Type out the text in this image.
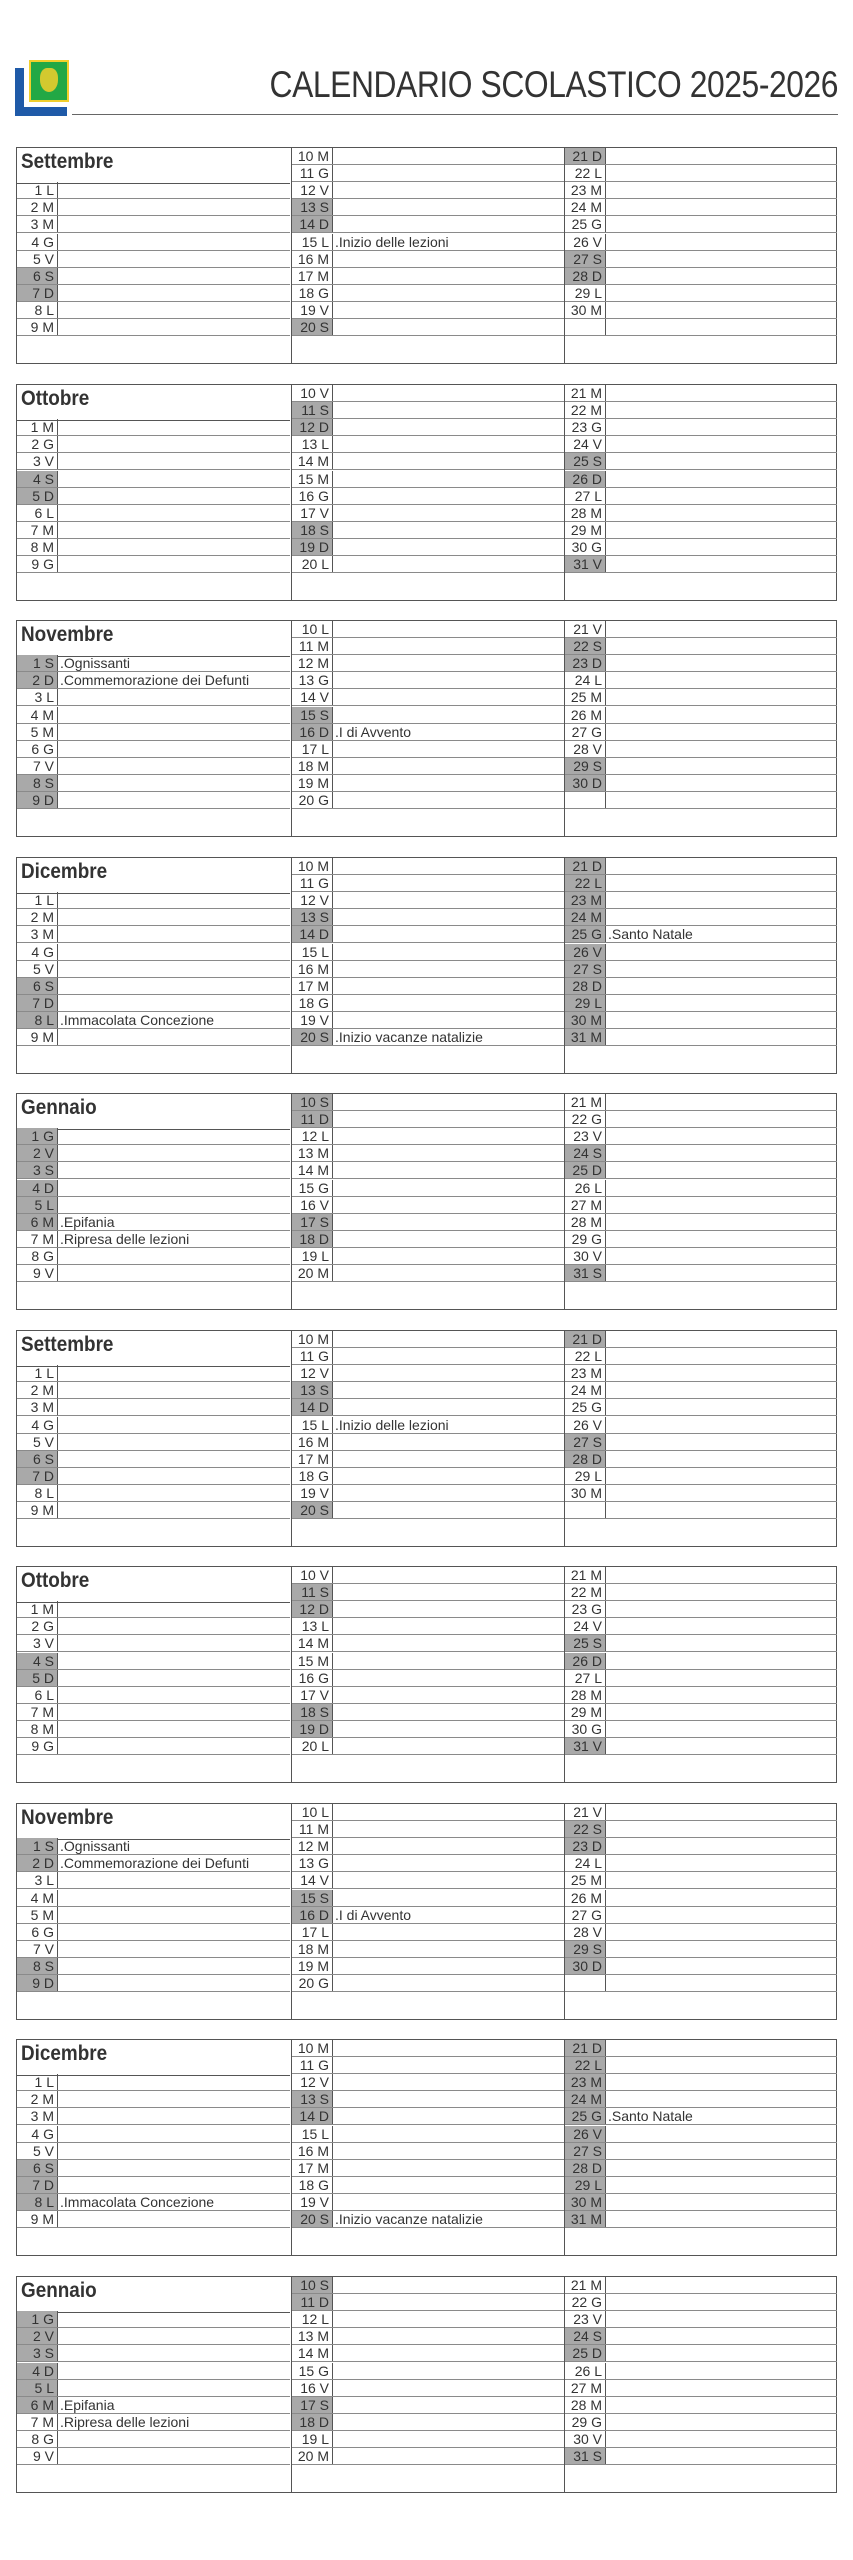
CALENDARIO SCOLASTICO 2025-2026
Settembre
1 L
2 M
3 M
4 G
5 V
6 S
7 D
8 L
9 M
10 M
11 G
12 V
13 S
14 D
15 L .Inizio delle lezioni
16 M
17 M
18 G
19 V
20 S
21 D
22 L
23 M
24 M
25 G
26 V
27 S
28 D
29 L
30 M
Ottobre
1 M
2 G
3 V
4 S
5 D
6 L
7 M
8 M
9 G
10 V
11 S
12 D
13 L
14 M
15 M
16 G
17 V
18 S
19 D
20 L
21 M
22 M
23 G
24 V
25 S
26 D
27 L
28 M
29 M
30 G
31 V
Novembre
1 S .Ognissanti
2 D .Commemorazione dei Defunti
3 L
4 M
5 M
6 G
7 V
8 S
9 D
10 L
11 M
12 M
13 G
14 V
15 S
16 D .I di Avvento
17 L
18 M
19 M
20 G
21 V
22 S
23 D
24 L
25 M
26 M
27 G
28 V
29 S
30 D
Dicembre
1 L
2 M
3 M
4 G
5 V
6 S
7 D
8 L .Immacolata Concezione
9 M
10 M
11 G
12 V
13 S
14 D
15 L
16 M
17 M
18 G
19 V
20 S .Inizio vacanze natalizie
21 D
22 L
23 M
24 M
25 G .Santo Natale
26 V
27 S
28 D
29 L
30 M
31 M
Gennaio
1 G
2 V
3 S
4 D
5 L
6 M .Epifania
7 M .Ripresa delle lezioni
8 G
9 V
10 S
11 D
12 L
13 M
14 M
15 G
16 V
17 S
18 D
19 L
20 M
21 M
22 G
23 V
24 S
25 D
26 L
27 M
28 M
29 G
30 V
31 S
Settembre
1 L
2 M
3 M
4 G
5 V
6 S
7 D
8 L
9 M
10 M
11 G
12 V
13 S
14 D
15 L .Inizio delle lezioni
16 M
17 M
18 G
19 V
20 S
21 D
22 L
23 M
24 M
25 G
26 V
27 S
28 D
29 L
30 M
Ottobre
1 M
2 G
3 V
4 S
5 D
6 L
7 M
8 M
9 G
10 V
11 S
12 D
13 L
14 M
15 M
16 G
17 V
18 S
19 D
20 L
21 M
22 M
23 G
24 V
25 S
26 D
27 L
28 M
29 M
30 G
31 V
Novembre
1 S .Ognissanti
2 D .Commemorazione dei Defunti
3 L
4 M
5 M
6 G
7 V
8 S
9 D
10 L
11 M
12 M
13 G
14 V
15 S
16 D .I di Avvento
17 L
18 M
19 M
20 G
21 V
22 S
23 D
24 L
25 M
26 M
27 G
28 V
29 S
30 D
Dicembre
1 L
2 M
3 M
4 G
5 V
6 S
7 D
8 L .Immacolata Concezione
9 M
10 M
11 G
12 V
13 S
14 D
15 L
16 M
17 M
18 G
19 V
20 S .Inizio vacanze natalizie
21 D
22 L
23 M
24 M
25 G .Santo Natale
26 V
27 S
28 D
29 L
30 M
31 M
Gennaio
1 G
2 V
3 S
4 D
5 L
6 M .Epifania
7 M .Ripresa delle lezioni
8 G
9 V
10 S
11 D
12 L
13 M
14 M
15 G
16 V
17 S
18 D
19 L
20 M
21 M
22 G
23 V
24 S
25 D
26 L
27 M
28 M
29 G
30 V
31 S
